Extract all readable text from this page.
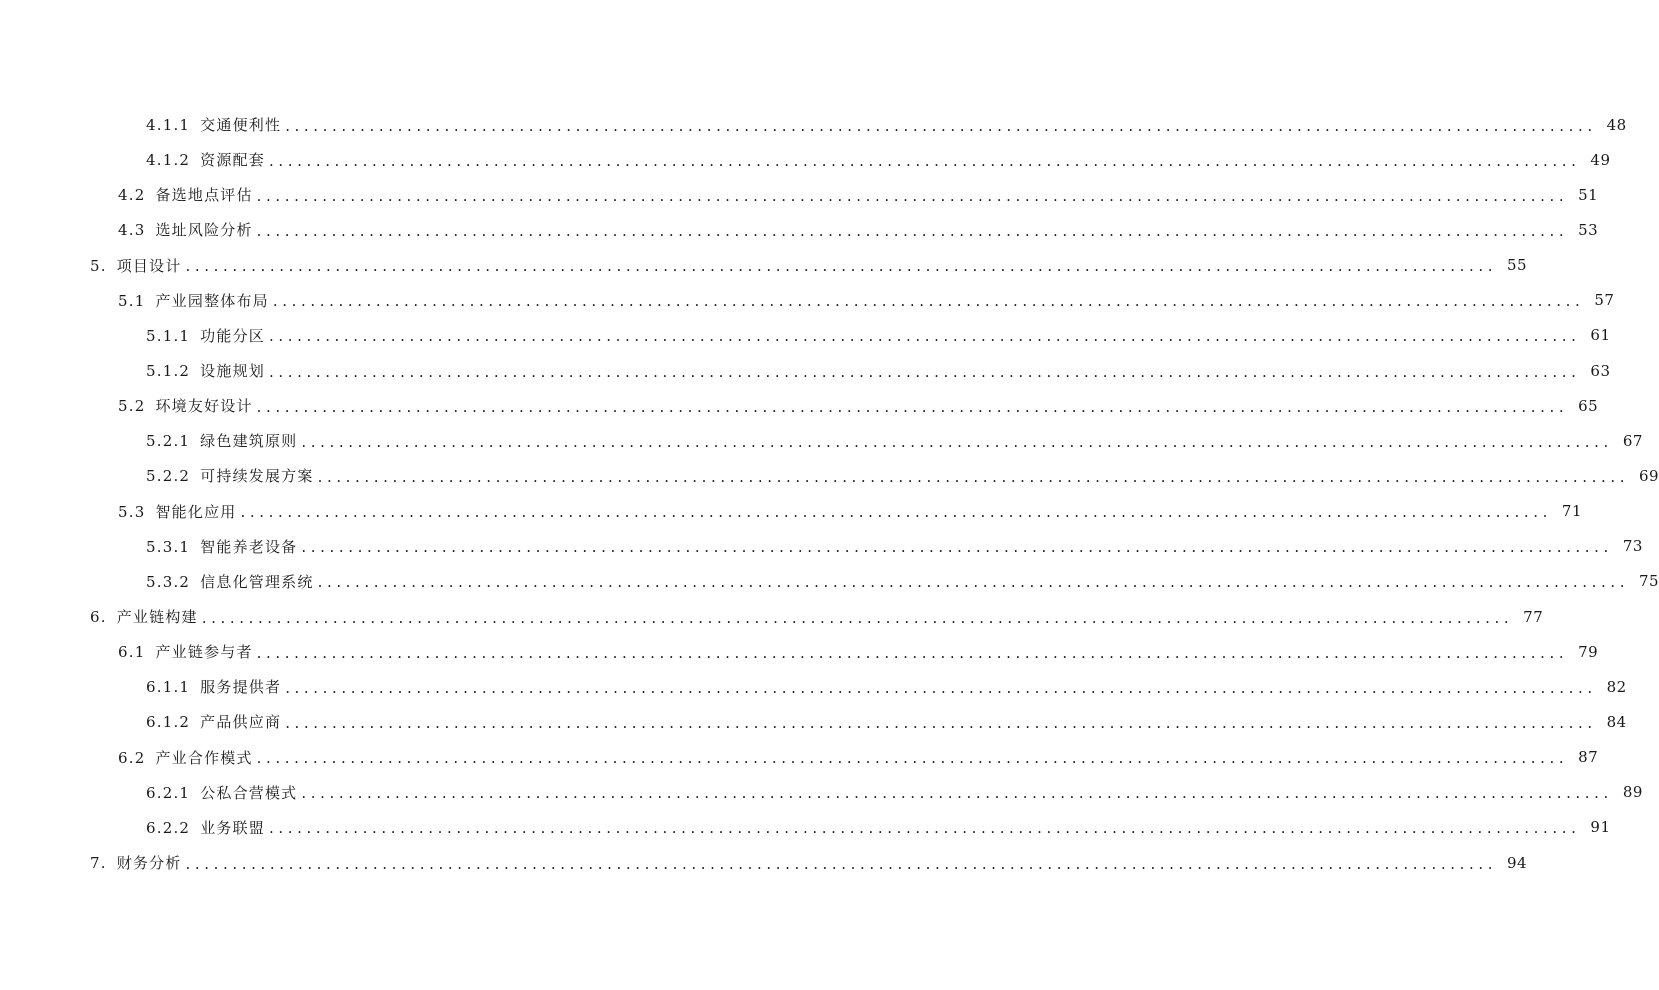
4.1.1 交通便利性 ............................................................................................................................................ 48
4.1.2 资源配套 ............................................................................................................................................ 49
4.2 备选地点评估 ............................................................................................................................................ 51
4.3 选址风险分析 ............................................................................................................................................ 53
5. 项目设计 ............................................................................................................................................ 55
5.1 产业园整体布局 ............................................................................................................................................ 57
5.1.1 功能分区 ............................................................................................................................................ 61
5.1.2 设施规划 ............................................................................................................................................ 63
5.2 环境友好设计 ............................................................................................................................................ 65
5.2.1 绿色建筑原则 ............................................................................................................................................ 67
5.2.2 可持续发展方案 ............................................................................................................................................ 69
5.3 智能化应用 ............................................................................................................................................ 71
5.3.1 智能养老设备 ............................................................................................................................................ 73
5.3.2 信息化管理系统 ............................................................................................................................................ 75
6. 产业链构建 ............................................................................................................................................ 77
6.1 产业链参与者 ............................................................................................................................................ 79
6.1.1 服务提供者 ............................................................................................................................................ 82
6.1.2 产品供应商 ............................................................................................................................................ 84
6.2 产业合作模式 ............................................................................................................................................ 87
6.2.1 公私合营模式 ............................................................................................................................................ 89
6.2.2 业务联盟 ............................................................................................................................................ 91
7. 财务分析 ............................................................................................................................................ 94
